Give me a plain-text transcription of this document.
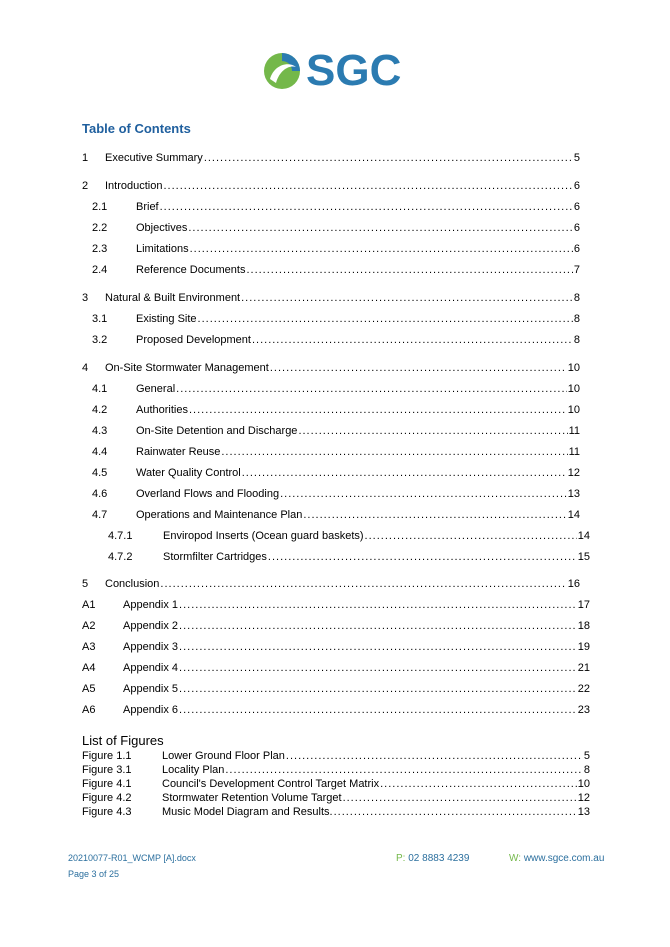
SGC
Table of Contents
1	Executive Summary .....	5
2	Introduction .....	6
2.1	Brief .....	6
2.2	Objectives .....	6
2.3	Limitations .....	6
2.4	Reference Documents .....	7
3	Natural & Built Environment .....	8
3.1	Existing Site .....	8
3.2	Proposed Development .....	8
4	On-Site Stormwater Management .....	10
4.1	General .....	10
4.2	Authorities .....	10
4.3	On-Site Detention and Discharge .....	11
4.4	Rainwater Reuse .....	11
4.5	Water Quality Control .....	12
4.6	Overland Flows and Flooding .....	13
4.7	Operations and Maintenance Plan .....	14
4.7.1	Enviropod Inserts (Ocean guard baskets) .....	14
4.7.2	Stormfilter Cartridges .....	15
5	Conclusion .....	16
A1	Appendix 1 .....	17
A2	Appendix 2 .....	18
A3	Appendix 3 .....	19
A4	Appendix 4 .....	21
A5	Appendix 5 .....	22
A6	Appendix 6 .....	23
List of Figures
Figure 1.1	Lower Ground Floor Plan .....	5
Figure 3.1	Locality Plan .....	8
Figure 4.1	Council's Development Control Target Matrix .....	10
Figure 4.2	Stormwater Retention Volume Target .....	12
Figure 4.3	Music Model Diagram and Results. .....	13
20210077-R01_WCMP [A].docx
Page 3 of 25
P: 02 8883 4239	W: www.sgce.com.au
